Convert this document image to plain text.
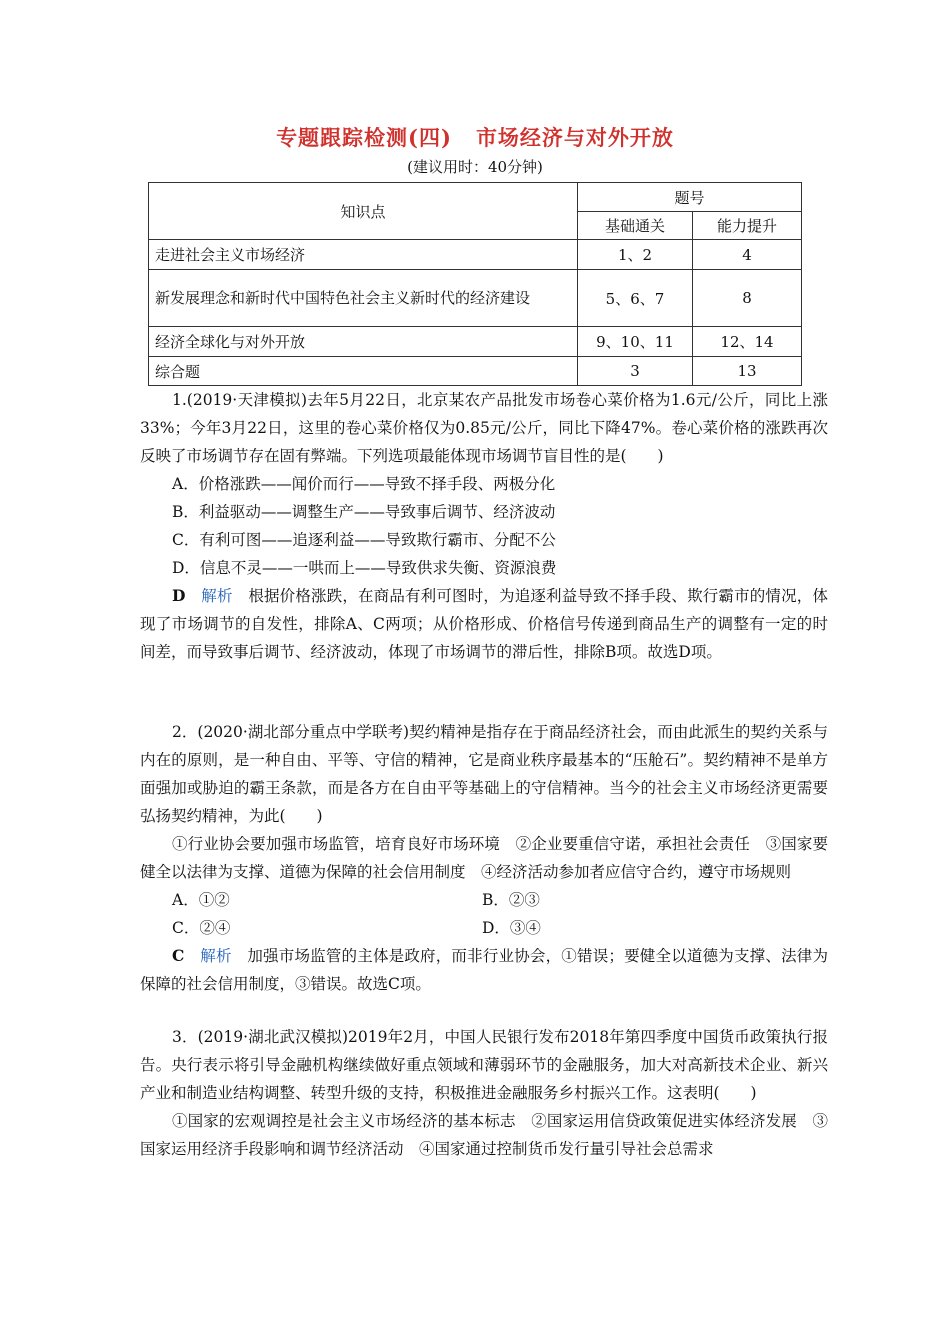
专题跟踪检测(四) 市场经济与对外开放
(建议用时：40分钟)
知识点	题号	
	基础通关	能力提升
走进社会主义市场经济	1、2	4
新发展理念和新时代中国特色社会主义新时代的经济建设	5、6、7	8
经济全球化与对外开放	9、10、11	12、14
综合题	3	13

1.(2019·天津模拟)去年5月22日，北京某农产品批发市场卷心菜价格为1.6元/公斤，同比上涨 33%；今年3月22日，这里的卷心菜价格仅为0.85元/公斤，同比下降47%。卷心菜价格的涨跌再次反映了市场调节存在固有弊端。下列选项最能体现市场调节盲目性的是(　　)

A．价格涨跌——闻价而行——导致不择手段、两极分化

B．利益驱动——调整生产——导致事后调节、经济波动

C．有利可图——追逐利益——导致欺行霸市、分配不公

D．信息不灵——一哄而上——导致供求失衡、资源浪费

D　 解析　 根据价格涨跌，在商品有利可图时，为追逐利益导致不择手段、欺行霸市的情况，体现了市场调节的自发性，排除A、C两项；从价格形成、价格信号传递到商品生产的调整有一定的时间差，而导致事后调节、经济波动，体现了市场调节的滞后性，排除B项。故选D项。

2．(2020·湖北部分重点中学联考)契约精神是指存在于商品经济社会，而由此派生的契约关系与内在的原则，是一种自由、平等、守信的精神，它是商业秩序最基本的“压舱石”。契约精神不是单方面强加或胁迫的霸王条款，而是各方在自由平等基础上的守信精神。当今的社会主义市场经济更需要弘扬契约精神，为此(　　)

①行业协会要加强市场监管，培育良好市场环境　②企业要重信守诺，承担社会责任　③国家要健全以法律为支撑、道德为保障的社会信用制度　④经济活动参加者应信守合约，遵守市场规则

A．①②	B．②③
C．②④	D．③④

C　 解析　 加强市场监管的主体是政府，而非行业协会，①错误；要健全以道德为支撑、法律为保障的社会信用制度，③错误。故选C项。

3．(2019·湖北武汉模拟)2019年2月，中国人民银行发布2018年第四季度中国货币政策执行报告。央行表示将引导金融机构继续做好重点领域和薄弱环节的金融服务，加大对高新技术企业、新兴产业和制造业结构调整、转型升级的支持，积极推进金融服务乡村振兴工作。这表明(　　)

①国家的宏观调控是社会主义市场经济的基本标志　②国家运用信贷政策促进实体经济发展　③国家运用经济手段影响和调节经济活动　④国家通过控制货币发行量引导社会总需求
